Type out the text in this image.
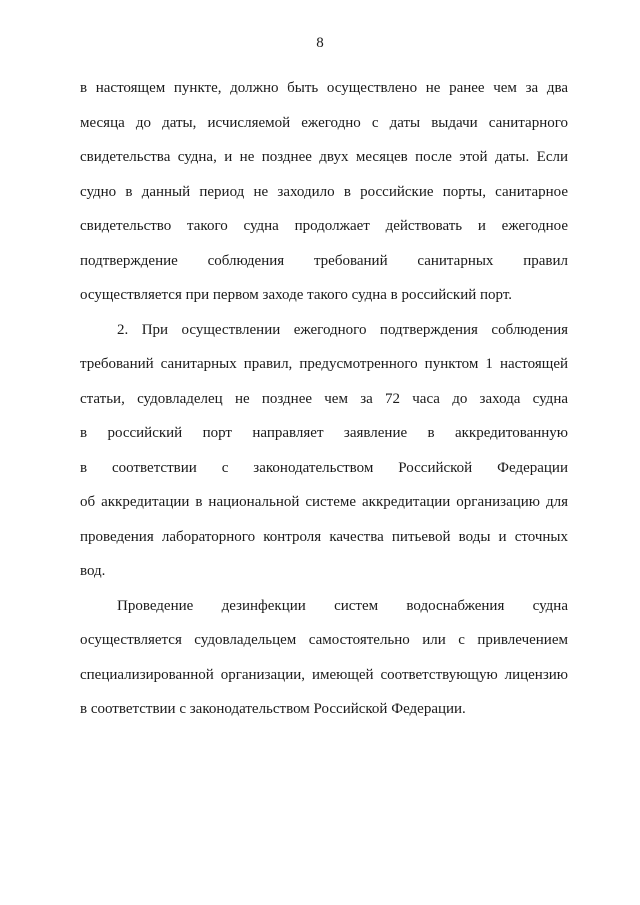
8

в настоящем пункте, должно быть осуществлено не ранее чем за два
месяца до даты, исчисляемой ежегодно с даты выдачи санитарного
свидетельства судна, и не позднее двух месяцев после этой даты. Если
судно в данный период не заходило в российские порты, санитарное
свидетельство такого судна продолжает действовать и ежегодное
подтверждение соблюдения требований санитарных правил
осуществляется при первом заходе такого судна в российский порт.

2. При осуществлении ежегодного подтверждения соблюдения
требований санитарных правил, предусмотренного пунктом 1 настоящей
статьи, судовладелец не позднее чем за 72 часа до захода судна
в российский порт направляет заявление в аккредитованную
в соответствии с законодательством Российской Федерации
об аккредитации в национальной системе аккредитации организацию для
проведения лабораторного контроля качества питьевой воды и сточных
вод.

Проведение дезинфекции систем водоснабжения судна
осуществляется судовладельцем самостоятельно или с привлечением
специализированной организации, имеющей соответствующую лицензию
в соответствии с законодательством Российской Федерации.
